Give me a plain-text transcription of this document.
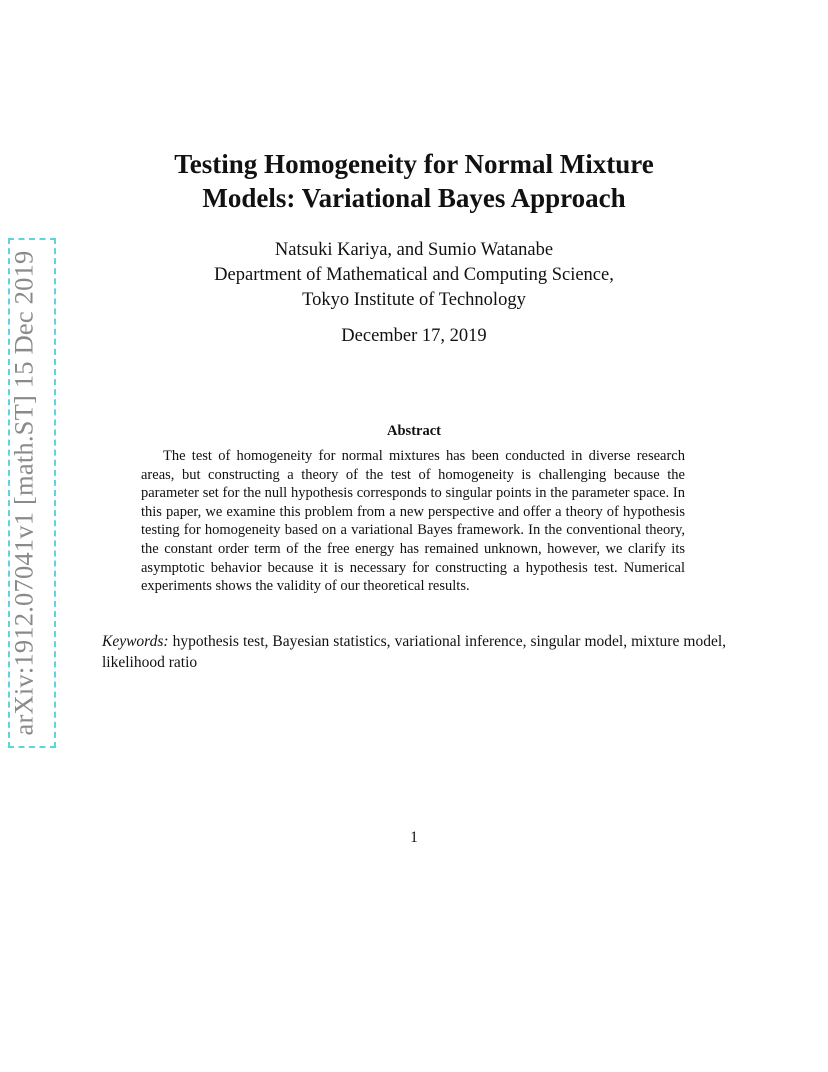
arXiv:1912.07041v1 [math.ST] 15 Dec 2019
Testing Homogeneity for Normal Mixture
Models: Variational Bayes Approach
Natsuki Kariya, and Sumio Watanabe
Department of Mathematical and Computing Science,
Tokyo Institute of Technology
December 17, 2019
Abstract

The test of homogeneity for normal mixtures has been conducted in diverse research areas, but constructing a theory of the test of homogeneity is challenging because the parameter set for the null hypothesis corresponds to singular points in the parameter space. In this paper, we examine this problem from a new perspective and offer a theory of hypothesis testing for homogeneity based on a variational Bayes framework. In the conventional theory, the constant order term of the free energy has remained unknown, however, we clarify its asymptotic behavior because it is necessary for constructing a hypothesis test. Numerical experiments shows the validity of our theoretical results.

Keywords: hypothesis test, Bayesian statistics, variational inference, singular model, mixture model, likelihood ratio

1
